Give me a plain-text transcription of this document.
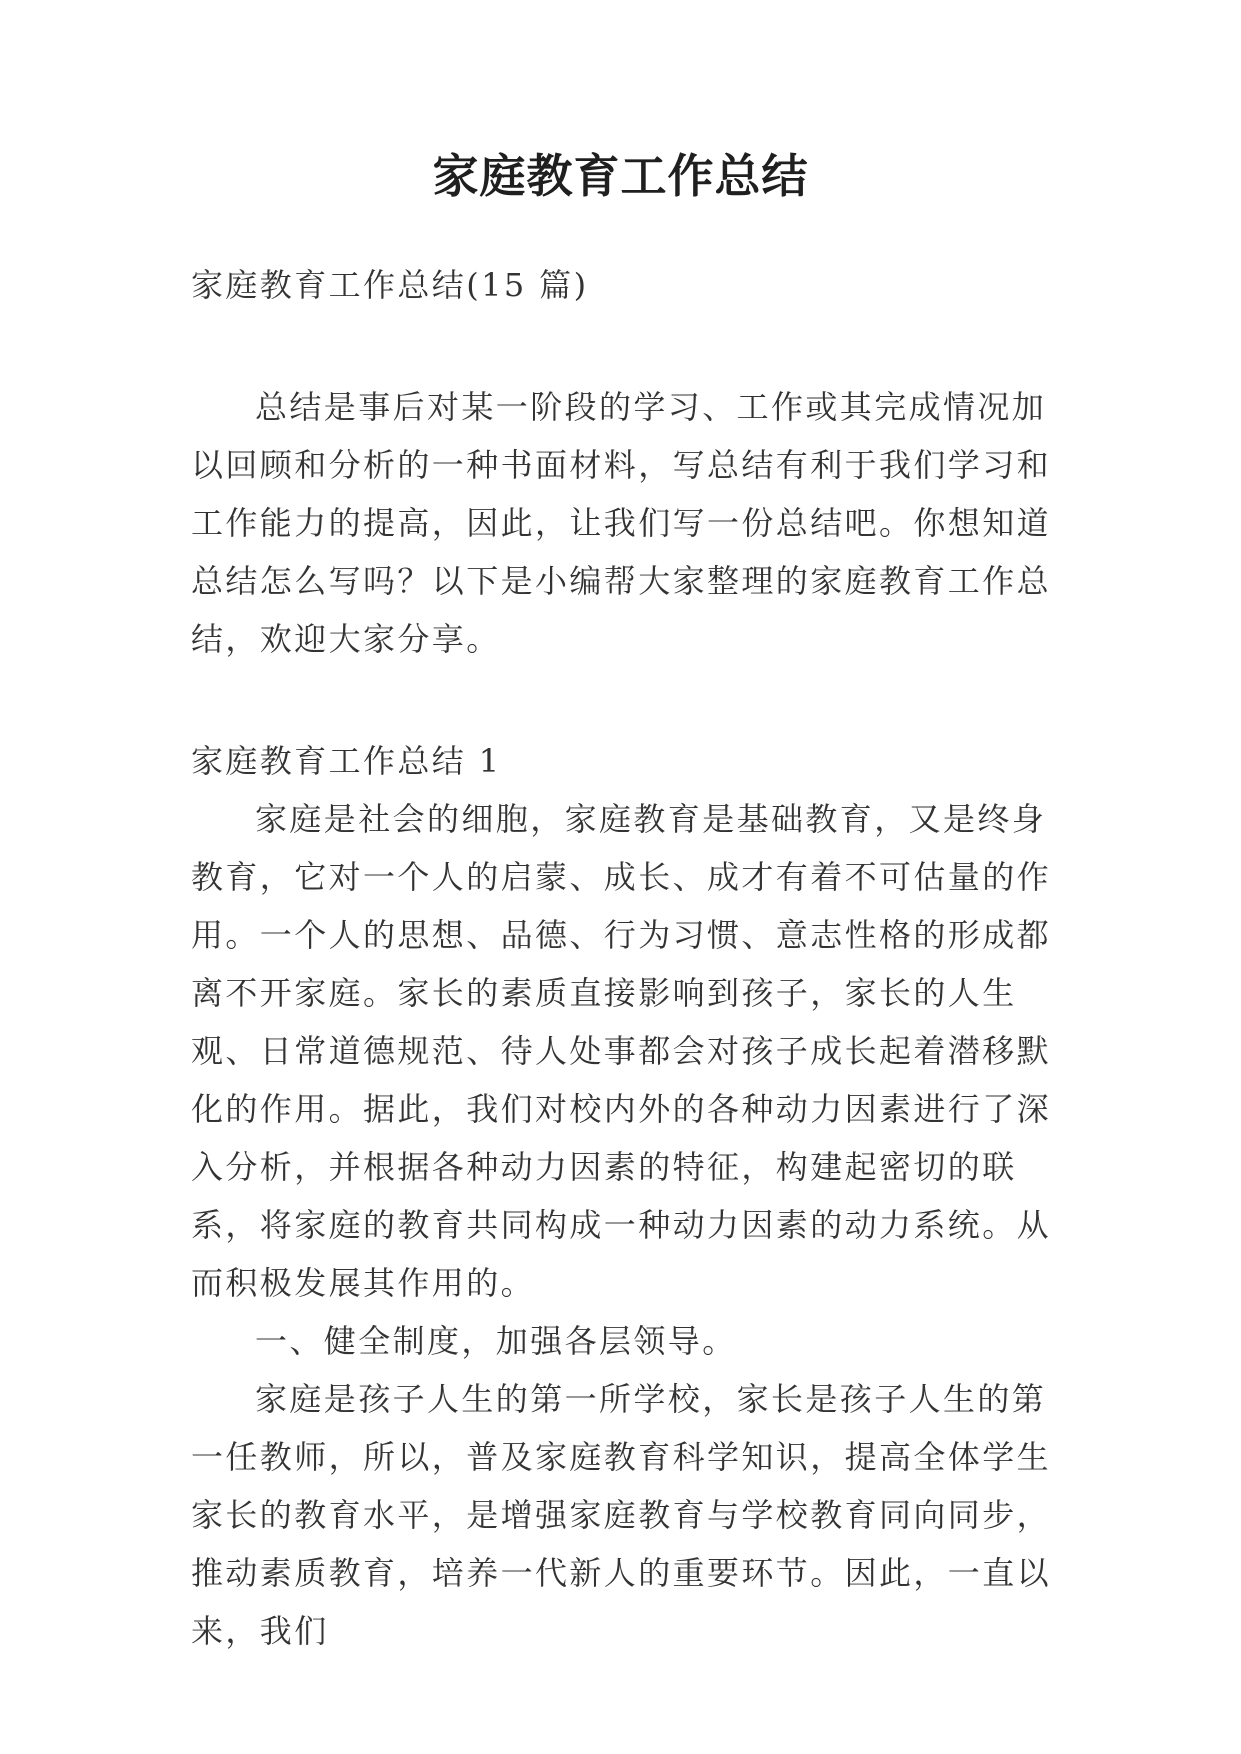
家庭教育工作总结

家庭教育工作总结(15 篇)

总结是事后对某一阶段的学习、工作或其完成情况加以回顾和分析的一种书面材料，写总结有利于我们学习和工作能力的提高，因此，让我们写一份总结吧。你想知道总结怎么写吗？以下是小编帮大家整理的家庭教育工作总结，欢迎大家分享。

家庭教育工作总结 1

家庭是社会的细胞，家庭教育是基础教育，又是终身教育，它对一个人的启蒙、成长、成才有着不可估量的作用。一个人的思想、品德、行为习惯、意志性格的形成都离不开家庭。家长的素质直接影响到孩子，家长的人生观、日常道德规范、待人处事都会对孩子成长起着潜移默化的作用。据此，我们对校内外的各种动力因素进行了深入分析，并根据各种动力因素的特征，构建起密切的联系，将家庭的教育共同构成一种动力因素的动力系统。从而积极发展其作用的。

一、健全制度，加强各层领导。

家庭是孩子人生的第一所学校，家长是孩子人生的第一任教师，所以，普及家庭教育科学知识，提高全体学生家长的教育水平，是增强家庭教育与学校教育同向同步，推动素质教育，培养一代新人的重要环节。因此，一直以来，我们
